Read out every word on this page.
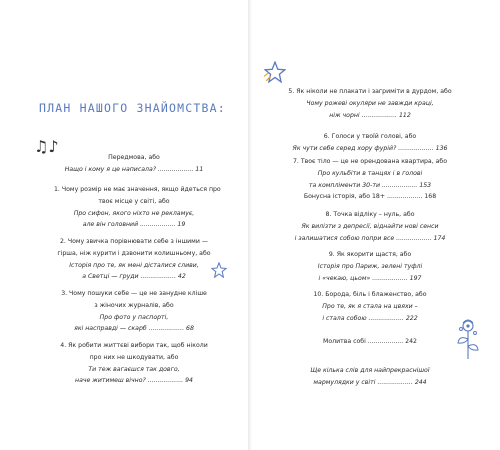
ПЛАН НАШОГО ЗНАЙОМСТВА:
♫♪
Передмова, або
Нащо і кому я це написала? .................. 11
1. Чому розмір не має значення, якщо йдеться про
твоє місце у світі, або
Про сифон, якого ніхто не рекламує,
але він головний .................. 19
2. Чому звичка порівнювати себе з іншими —
гірша, ніж курити і дзвонити колишньому, або
Історія про те, як мені дісталися сливи,
а Светці — груди .................. 42
3. Чому пошуки себе — це не занудне кліше
з жіночих журналів, або
Про фото у паспорті,
які насправді — скарб .................. 68
4. Як робити життєві вибори так, щоб ніколи
про них не шкодувати, або
Ти теж вагаєшся так довго,
наче житимеш вічно? .................. 94
5. Як ніколи не плакати і загриміти в дурдом, або
Чому рожеві окуляри не завжди краці,
ніж чорні .................. 112
6. Голоси у твоїй голові, або
Як чути себе серед хору фурій? .................. 136
7. Твоє тіло — це не орендована квартира, або
Про кульбіти в танцях і в голові
та компліменти 30-ти .................. 153
Бонусна історія, або 18+ .................. 168
8. Точка відліку – нуль, або
Як вилізти з депресії, віднайти нові сенси
і залишатися собою попри все .................. 174
9. Як якорити щастя, або
Історія про Париж, зелені туфлі
і «чекаю, цьом» .................. 197
10. Борода, біль і блаженство, або
Про те, як я стала на цвяхи –
і стала собою .................. 222
Молитва собі .................. 242
Ще кілька слів для найпрекраснішої
мармулядки у світі .................. 244
